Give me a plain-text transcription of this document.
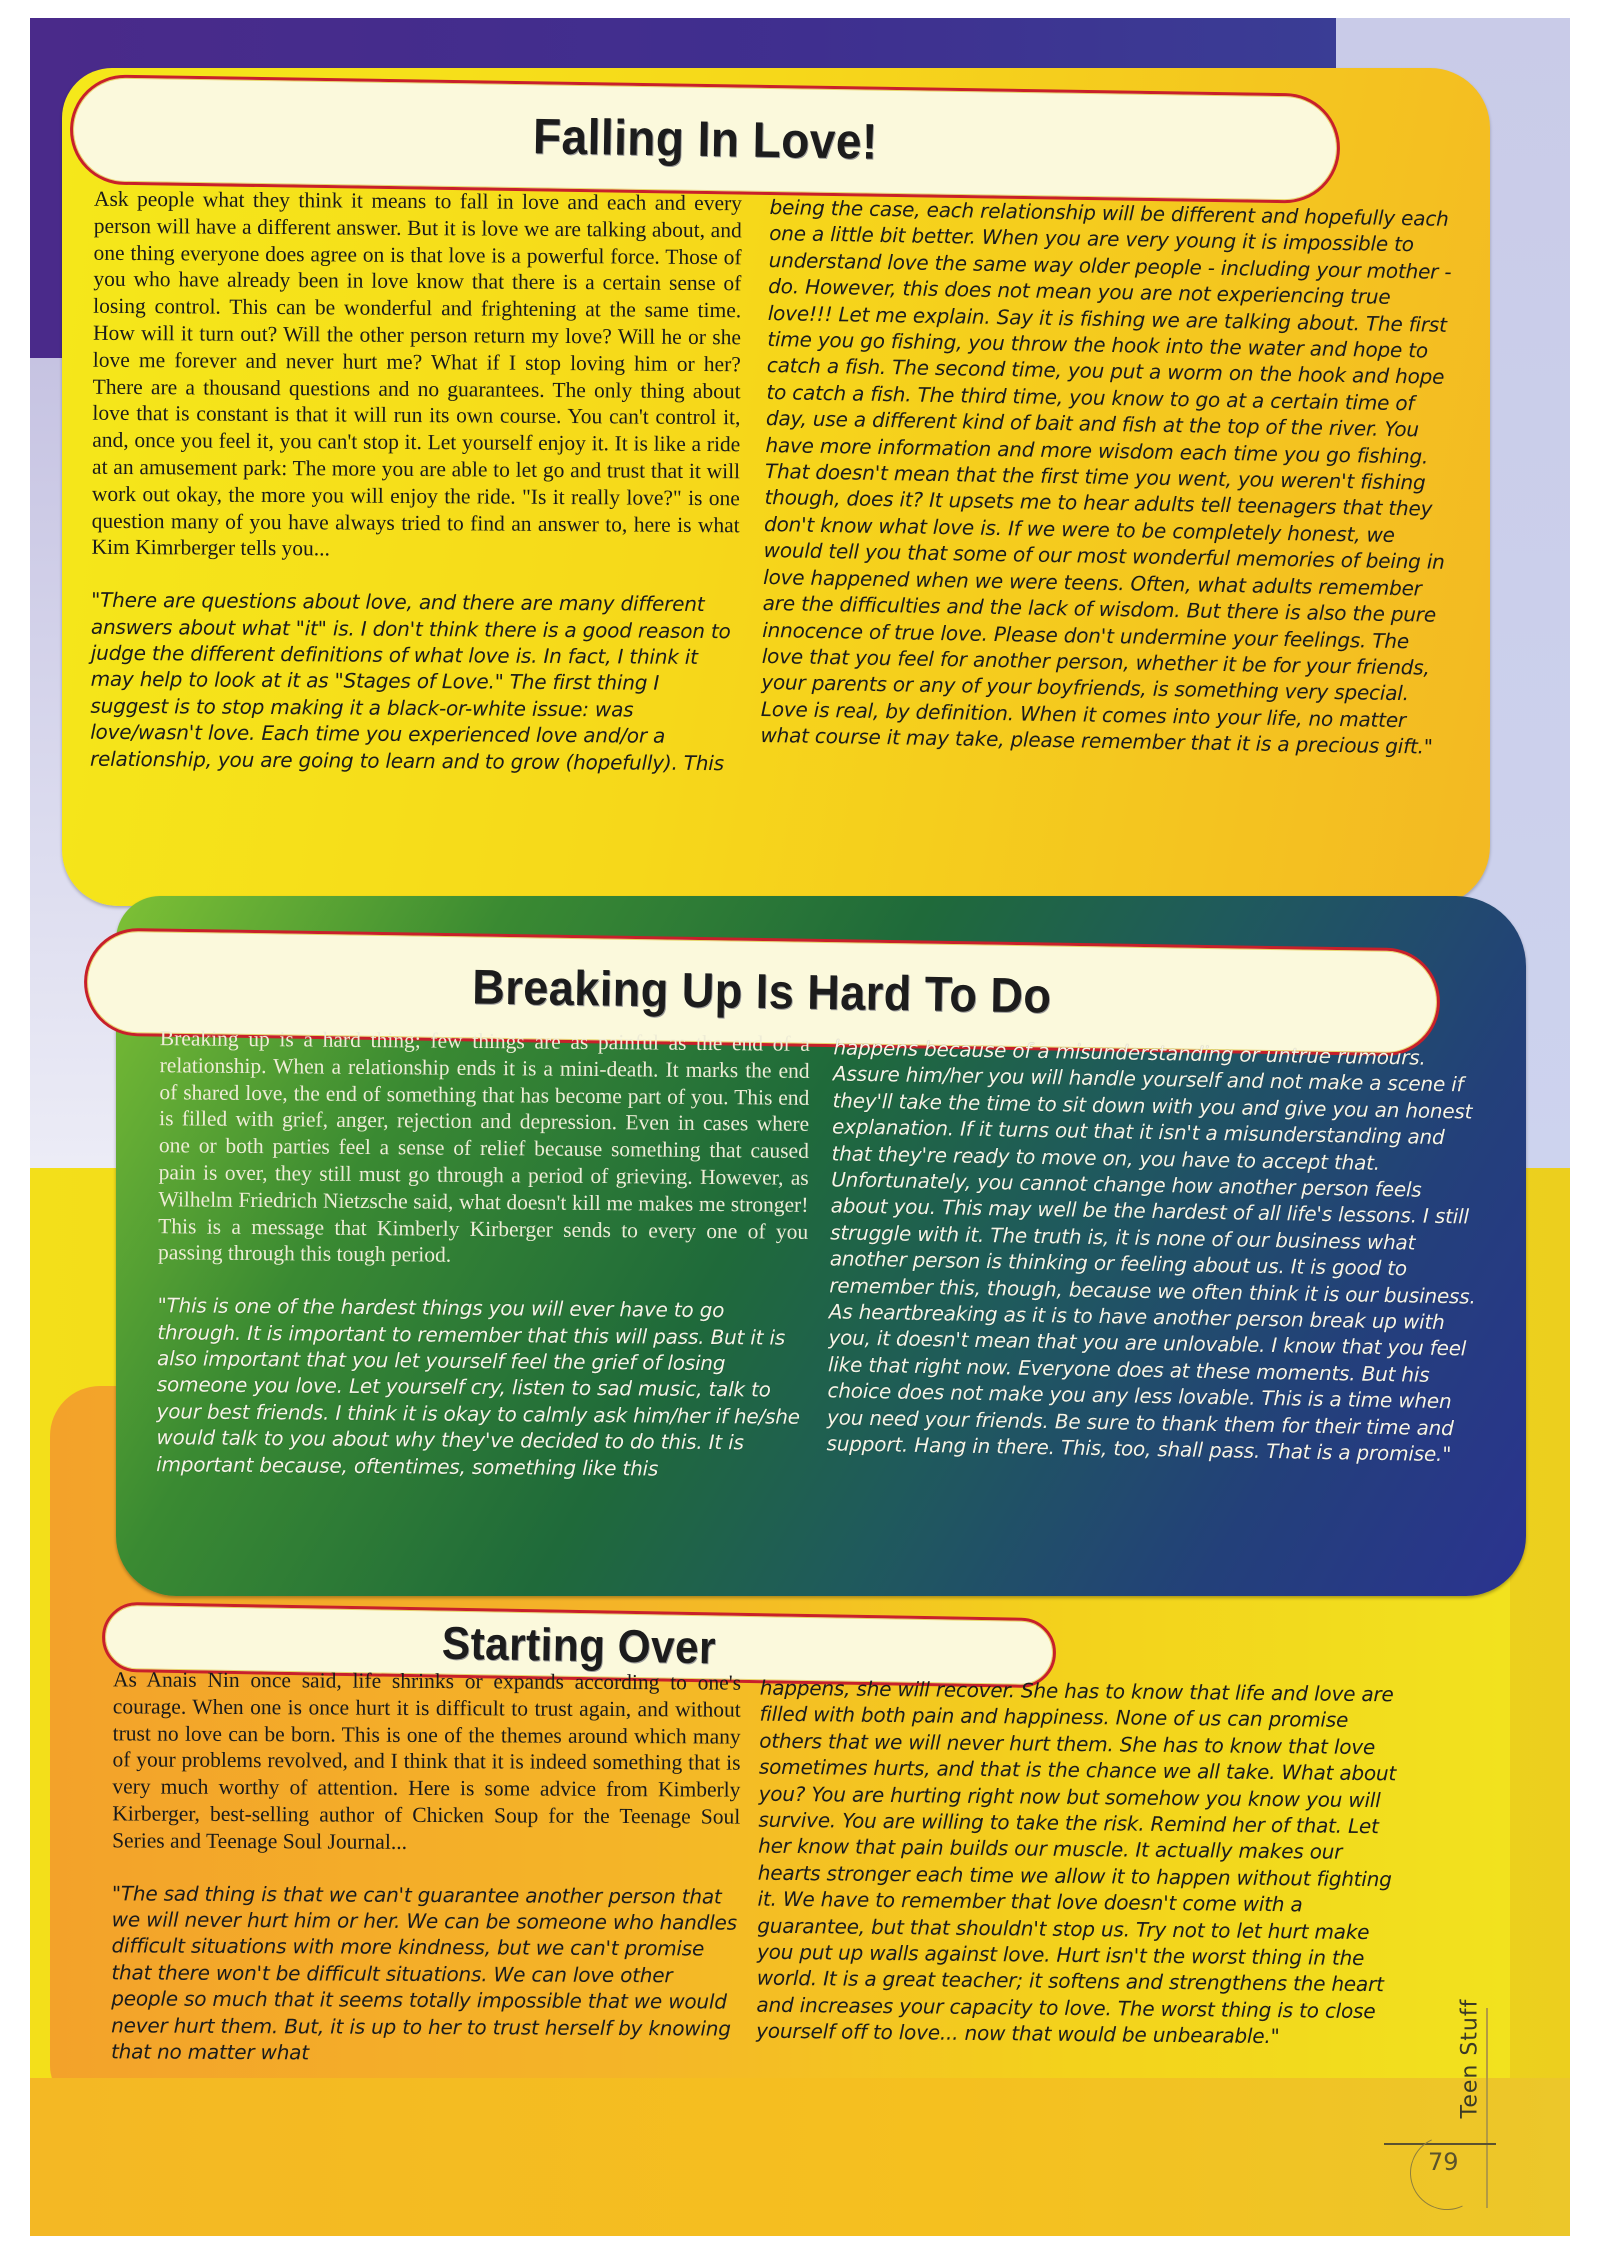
Falling In Love!

Ask people what they think it means to fall in love and each and every person will have a different answer. But it is love we are talking about, and one thing everyone does agree on is that love is a powerful force. Those of you who have already been in love know that there is a certain sense of losing control. This can be wonderful and frightening at the same time. How will it turn out? Will the other person return my love? Will he or she love me forever and never hurt me? What if I stop loving him or her? There are a thousand questions and no guarantees. The only thing about love that is constant is that it will run its own course. You can't control it, and, once you feel it, you can't stop it. Let yourself enjoy it. It is like a ride at an amusement park: The more you are able to let go and trust that it will work out okay, the more you will enjoy the ride. "Is it really love?" is one question many of you have always tried to find an answer to, here is what Kim Kimrberger tells you...

"There are questions about love, and there are many different answers about what "it" is. I don't think there is a good reason to judge the different definitions of what love is. In fact, I think it may help to look at it as "Stages of Love." The first thing I suggest is to stop making it a black-or-white issue: was love/wasn't love. Each time you experienced love and/or a relationship, you are going to learn and to grow (hopefully). This

being the case, each relationship will be different and hopefully each one a little bit better. When you are very young it is impossible to understand love the same way older people - including your mother - do. However, this does not mean you are not experiencing true love!!! Let me explain. Say it is fishing we are talking about. The first time you go fishing, you throw the hook into the water and hope to catch a fish. The second time, you put a worm on the hook and hope to catch a fish. The third time, you know to go at a certain time of day, use a different kind of bait and fish at the top of the river. You have more information and more wisdom each time you go fishing. That doesn't mean that the first time you went, you weren't fishing though, does it? It upsets me to hear adults tell teenagers that they don't know what love is. If we were to be completely honest, we would tell you that some of our most wonderful memories of being in love happened when we were teens. Often, what adults remember are the difficulties and the lack of wisdom. But there is also the pure innocence of true love. Please don't undermine your feelings. The love that you feel for another person, whether it be for your friends, your parents or any of your boyfriends, is something very special. Love is real, by definition. When it comes into your life, no matter what course it may take, please remember that it is a precious gift."

Breaking Up Is Hard To Do

Breaking up is a hard thing; few things are as painful as the end of a relationship. When a relationship ends it is a mini-death. It marks the end of shared love, the end of something that has become part of you. This end is filled with grief, anger, rejection and depression. Even in cases where one or both parties feel a sense of relief because something that caused pain is over, they still must go through a period of grieving. However, as Wilhelm Friedrich Nietzsche said, what doesn't kill me makes me stronger! This is a message that Kimberly Kirberger sends to every one of you passing through this tough period.

"This is one of the hardest things you will ever have to go through. It is important to remember that this will pass. But it is also important that you let yourself feel the grief of losing someone you love. Let yourself cry, listen to sad music, talk to your best friends. I think it is okay to calmly ask him/her if he/she would talk to you about why they've decided to do this. It is important because, oftentimes, something like this

happens because of a misunderstanding or untrue rumours. Assure him/her you will handle yourself and not make a scene if they'll take the time to sit down with you and give you an honest explanation. If it turns out that it isn't a misunderstanding and that they're ready to move on, you have to accept that. Unfortunately, you cannot change how another person feels about you. This may well be the hardest of all life's lessons. I still struggle with it. The truth is, it is none of our business what another person is thinking or feeling about us. It is good to remember this, though, because we often think it is our business. As heartbreaking as it is to have another person break up with you, it doesn't mean that you are unlovable. I know that you feel like that right now. Everyone does at these moments. But his choice does not make you any less lovable. This is a time when you need your friends. Be sure to thank them for their time and support. Hang in there. This, too, shall pass. That is a promise."

Starting Over

As Anais Nin once said, life shrinks or expands according to one's courage. When one is once hurt it is difficult to trust again, and without trust no love can be born. This is one of the themes around which many of your problems revolved, and I think that it is indeed something that is very much worthy of attention. Here is some advice from Kimberly Kirberger, best-selling author of Chicken Soup for the Teenage Soul Series and Teenage Soul Journal...

"The sad thing is that we can't guarantee another person that we will never hurt him or her. We can be someone who handles difficult situations with more kindness, but we can't promise that there won't be difficult situations. We can love other people so much that it seems totally impossible that we would never hurt them. But, it is up to her to trust herself by knowing that no matter what

happens, she will recover. She has to know that life and love are filled with both pain and happiness. None of us can promise others that we will never hurt them. She has to know that love sometimes hurts, and that is the chance we all take. What about you? You are hurting right now but somehow you know you will survive. You are willing to take the risk. Remind her of that. Let her know that pain builds our muscle. It actually makes our hearts stronger each time we allow it to happen without fighting it. We have to remember that love doesn't come with a guarantee, but that shouldn't stop us. Try not to let hurt make you put up walls against love. Hurt isn't the worst thing in the world. It is a great teacher; it softens and strengthens the heart and increases your capacity to love. The worst thing is to close yourself off to love... now that would be unbearable."	Teen Stuff
79
